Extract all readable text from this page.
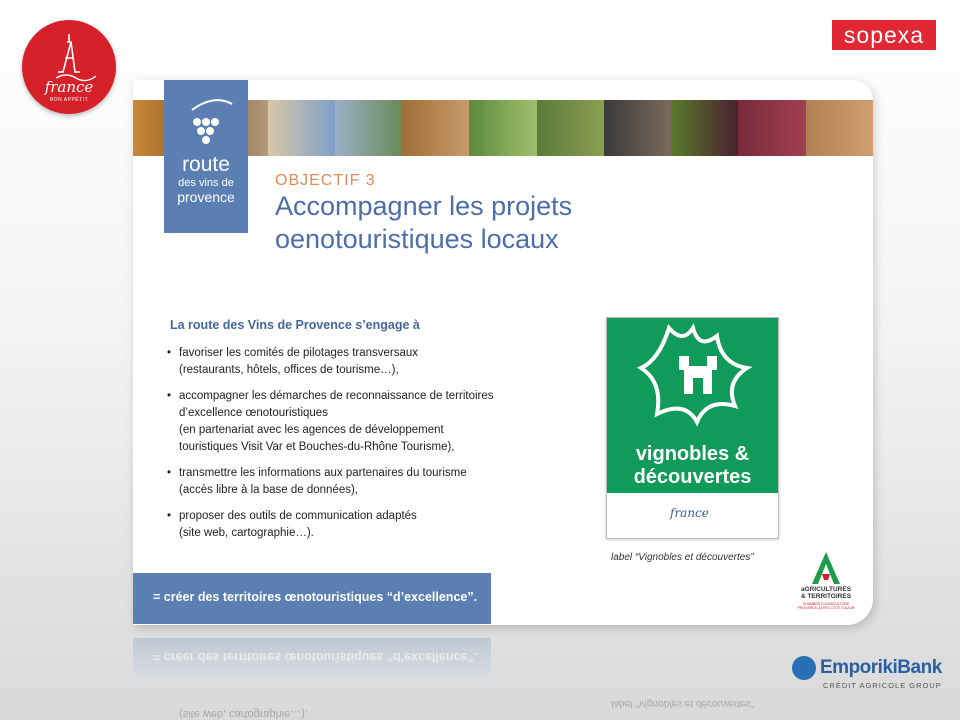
france
BON APPÉTIT
sopexa
route
des vins de
provence
OBJECTIF 3
Accompagner les projets
oenotouristiques locaux
La route des Vins de Provence s’engage à
• favoriser les comités de pilotages transversaux
(restaurants, hôtels, offices de tourisme…),
• accompagner les démarches de reconnaissance de territoires
d’excellence œnotouristiques
(en partenariat avec les agences de développement
touristiques Visit Var et Bouches-du-Rhône Tourisme),
• transmettre les informations aux partenaires du tourisme
(accès libre à la base de données),
• proposer des outils de communication adaptés
(site web, cartographie…).
= créer des territoires œnotouristiques “d’excellence”.
vignobles &
découvertes
france
label “Vignobles et découvertes”
aGRICULTURES
& TERRITOIRES
CHAMBRE D’AGRICULTURE
PROVENCE-ALPES-CÔTE D’AZUR
= créer des territoires œnotouristiques “d’excellence”.
label “Vignobles et découvertes”
(site web, cartographie…).
EmporikiBank
CRÉDIT AGRICOLE GROUP
